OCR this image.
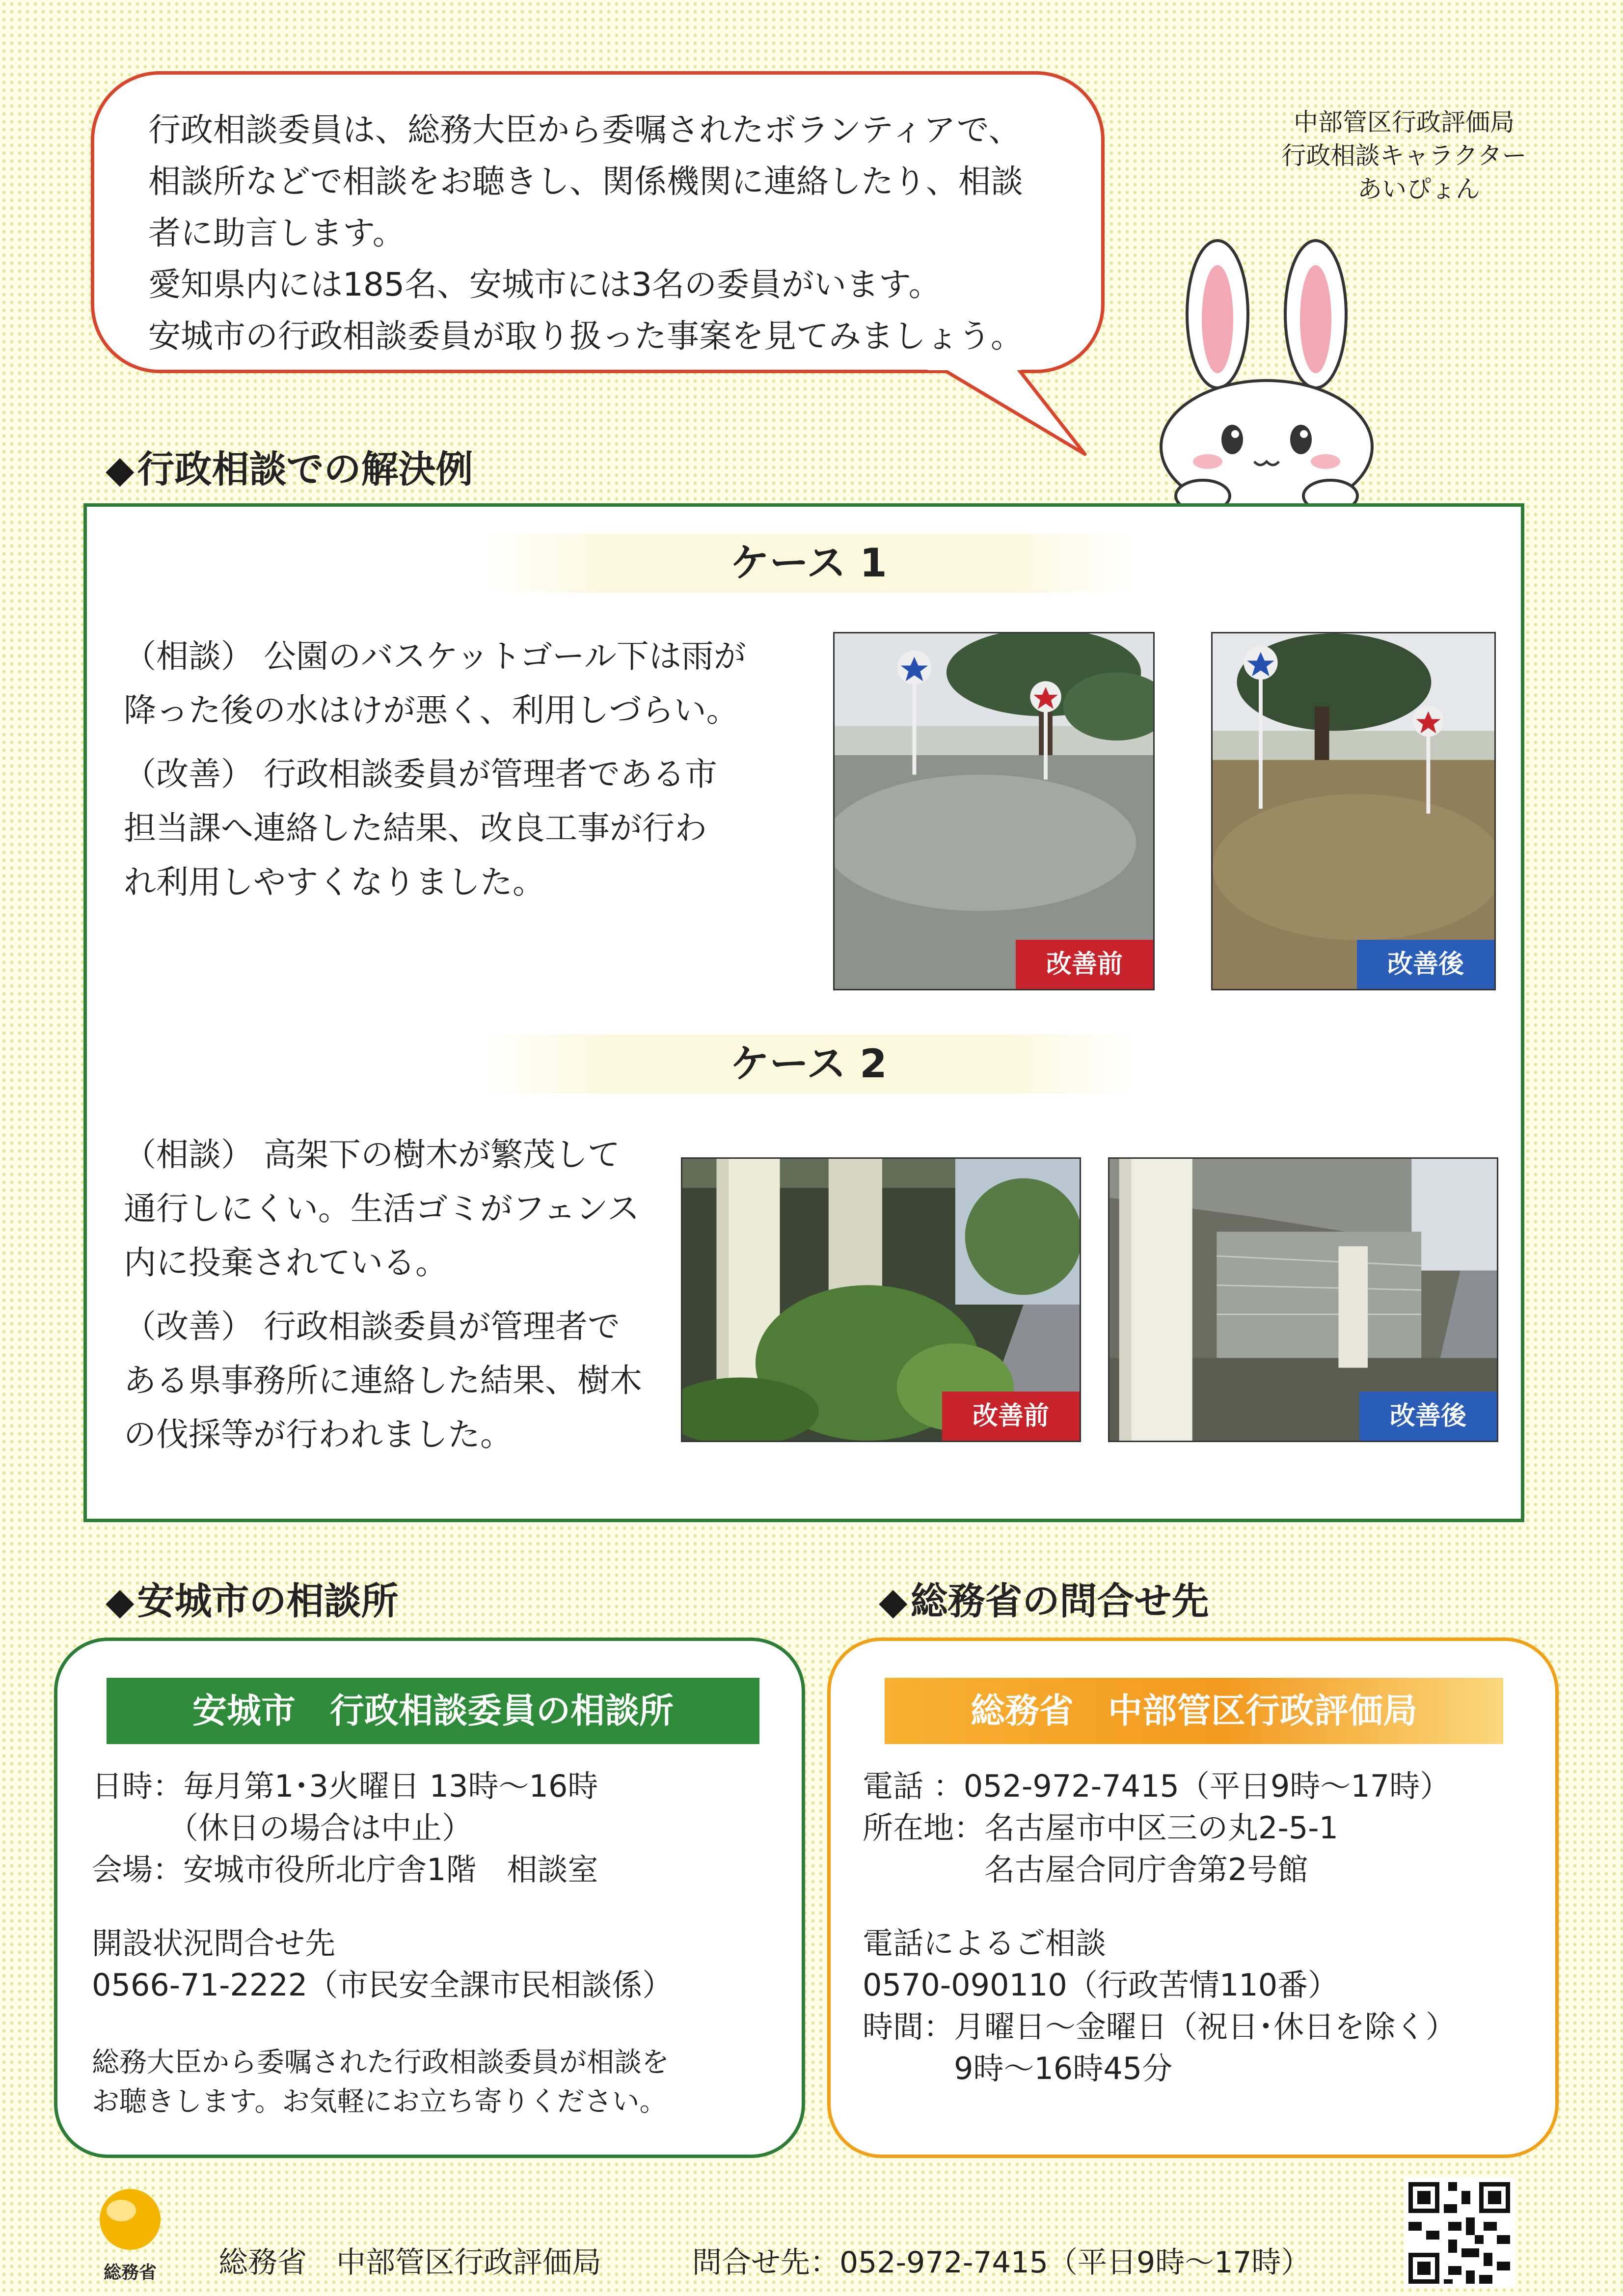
行政相談委員は、総務大臣から委嘱されたボランティアで、

相談所などで相談をお聴きし、関係機関に連絡したり、相談

者に助言します。

愛知県内には185名、安城市には3名の委員がいます。

安城市の行政相談委員が取り扱った事案を見てみましょう。

中部管区行政評価局
行政相談キャラクター
あいぴょん
◆行政相談での解決例
ケース 1
（相談） 公園のバスケットゴール下は雨が
降った後の水はけが悪く、利用しづらい。
（改善） 行政相談委員が管理者である市
担当課へ連絡した結果、改良工事が行わ
れ利用しやすくなりました。
改善前	改善後
ケース 2
（相談） 高架下の樹木が繁茂して
通行しにくい。生活ゴミがフェンス
内に投棄されている。
（改善） 行政相談委員が管理者で
ある県事務所に連絡した結果、樹木
の伐採等が行われました。	改善前	改善後
◆安城市の相談所	◆総務省の問合せ先
安城市　行政相談委員の相談所
日時：毎月第1･3火曜日 13時〜16時
　　　（休日の場合は中止）
会場：安城市役所北庁舎1階　相談室
開設状況問合せ先
0566-71-2222（市民安全課市民相談係）
総務大臣から委嘱された行政相談委員が相談を
お聴きします。お気軽にお立ち寄りください。
総務省　中部管区行政評価局
電話 ：052-972-7415（平日9時〜17時）
所在地：名古屋市中区三の丸2-5-1
　　　　名古屋合同庁舎第2号館
電話によるご相談
0570-090110（行政苦情110番）
時間：月曜日〜金曜日（祝日･休日を除く）
　　　9時〜16時45分
総務省	総務省　中部管区行政評価局	問合せ先：052-972-7415（平日9時〜17時）
